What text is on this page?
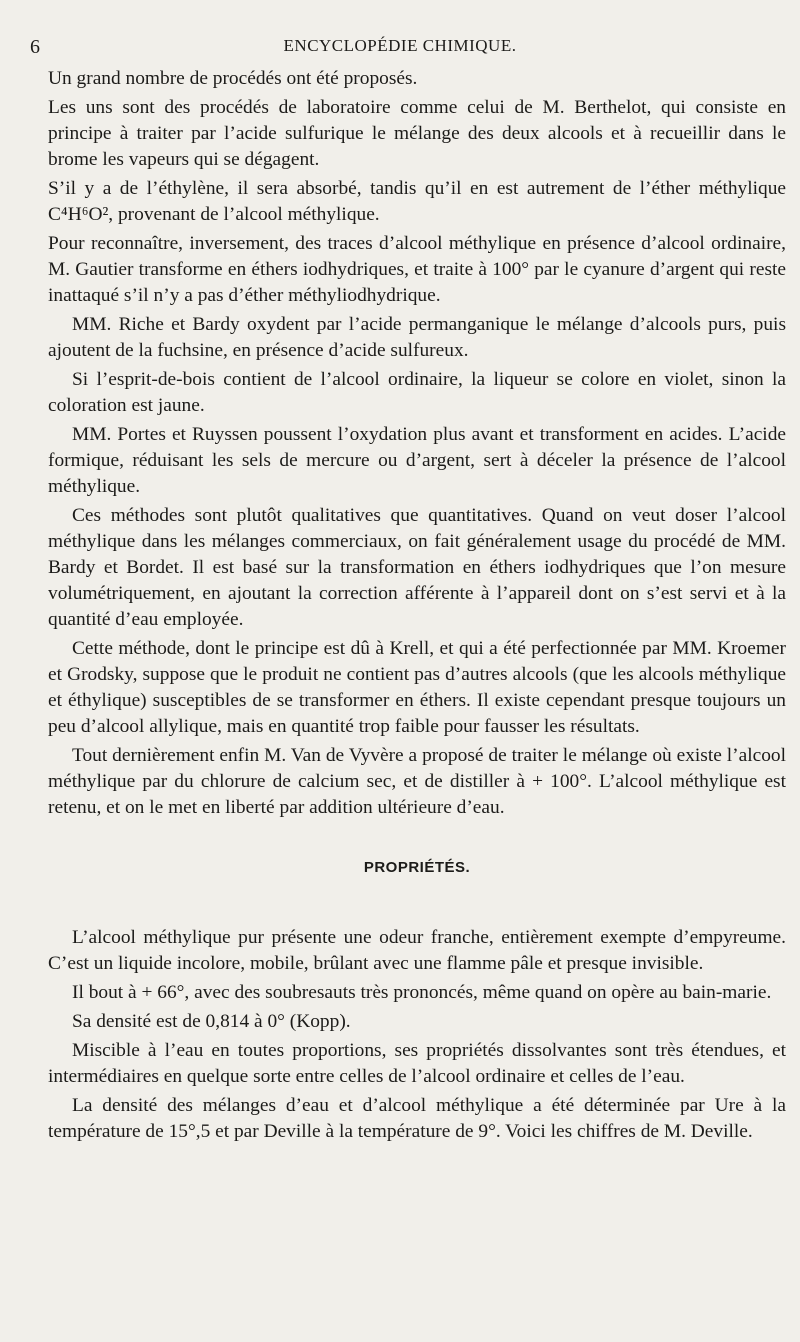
6	ENCYCLOPÉDIE CHIMIQUE.

Un grand nombre de procédés ont été proposés.

Les uns sont des procédés de laboratoire comme celui de M. Berthelot, qui consiste en principe à traiter par l’acide sulfurique le mélange des deux alcools et à recueillir dans le brome les vapeurs qui se dégagent.

S’il y a de l’éthylène, il sera absorbé, tandis qu’il en est autrement de l’éther méthylique C⁴H⁶O², provenant de l’alcool méthylique.

Pour reconnaître, inversement, des traces d’alcool méthylique en présence d’alcool ordinaire, M. Gautier transforme en éthers iodhydriques, et traite à 100° par le cyanure d’argent qui reste inattaqué s’il n’y a pas d’éther méthyliodhydrique.

MM. Riche et Bardy oxydent par l’acide permanganique le mélange d’alcools purs, puis ajoutent de la fuchsine, en présence d’acide sulfureux.

Si l’esprit-de-bois contient de l’alcool ordinaire, la liqueur se colore en violet, sinon la coloration est jaune.

MM. Portes et Ruyssen poussent l’oxydation plus avant et transforment en acides. L’acide formique, réduisant les sels de mercure ou d’argent, sert à déceler la présence de l’alcool méthylique.

Ces méthodes sont plutôt qualitatives que quantitatives. Quand on veut doser l’alcool méthylique dans les mélanges commerciaux, on fait généralement usage du procédé de MM. Bardy et Bordet. Il est basé sur la transformation en éthers iodhydriques que l’on mesure volumétriquement, en ajoutant la correction afférente à l’appareil dont on s’est servi et à la quantité d’eau employée.

Cette méthode, dont le principe est dû à Krell, et qui a été perfectionnée par MM. Kroemer et Grodsky, suppose que le produit ne contient pas d’autres alcools (que les alcools méthylique et éthylique) susceptibles de se transformer en éthers. Il existe cependant presque toujours un peu d’alcool allylique, mais en quantité trop faible pour fausser les résultats.

Tout dernièrement enfin M. Van de Vyvère a proposé de traiter le mélange où existe l’alcool méthylique par du chlorure de calcium sec, et de distiller à + 100°. L’alcool méthylique est retenu, et on le met en liberté par addition ultérieure d’eau.

PROPRIÉTÉS.

L’alcool méthylique pur présente une odeur franche, entièrement exempte d’empyreume. C’est un liquide incolore, mobile, brûlant avec une flamme pâle et presque invisible.

Il bout à + 66°, avec des soubresauts très prononcés, même quand on opère au bain-marie.

Sa densité est de 0,814 à 0° (Kopp).

Miscible à l’eau en toutes proportions, ses propriétés dissolvantes sont très étendues, et intermédiaires en quelque sorte entre celles de l’alcool ordinaire et celles de l’eau.

La densité des mélanges d’eau et d’alcool méthylique a été déterminée par Ure à la température de 15°,5 et par Deville à la température de 9°. Voici les chiffres de M. Deville.
